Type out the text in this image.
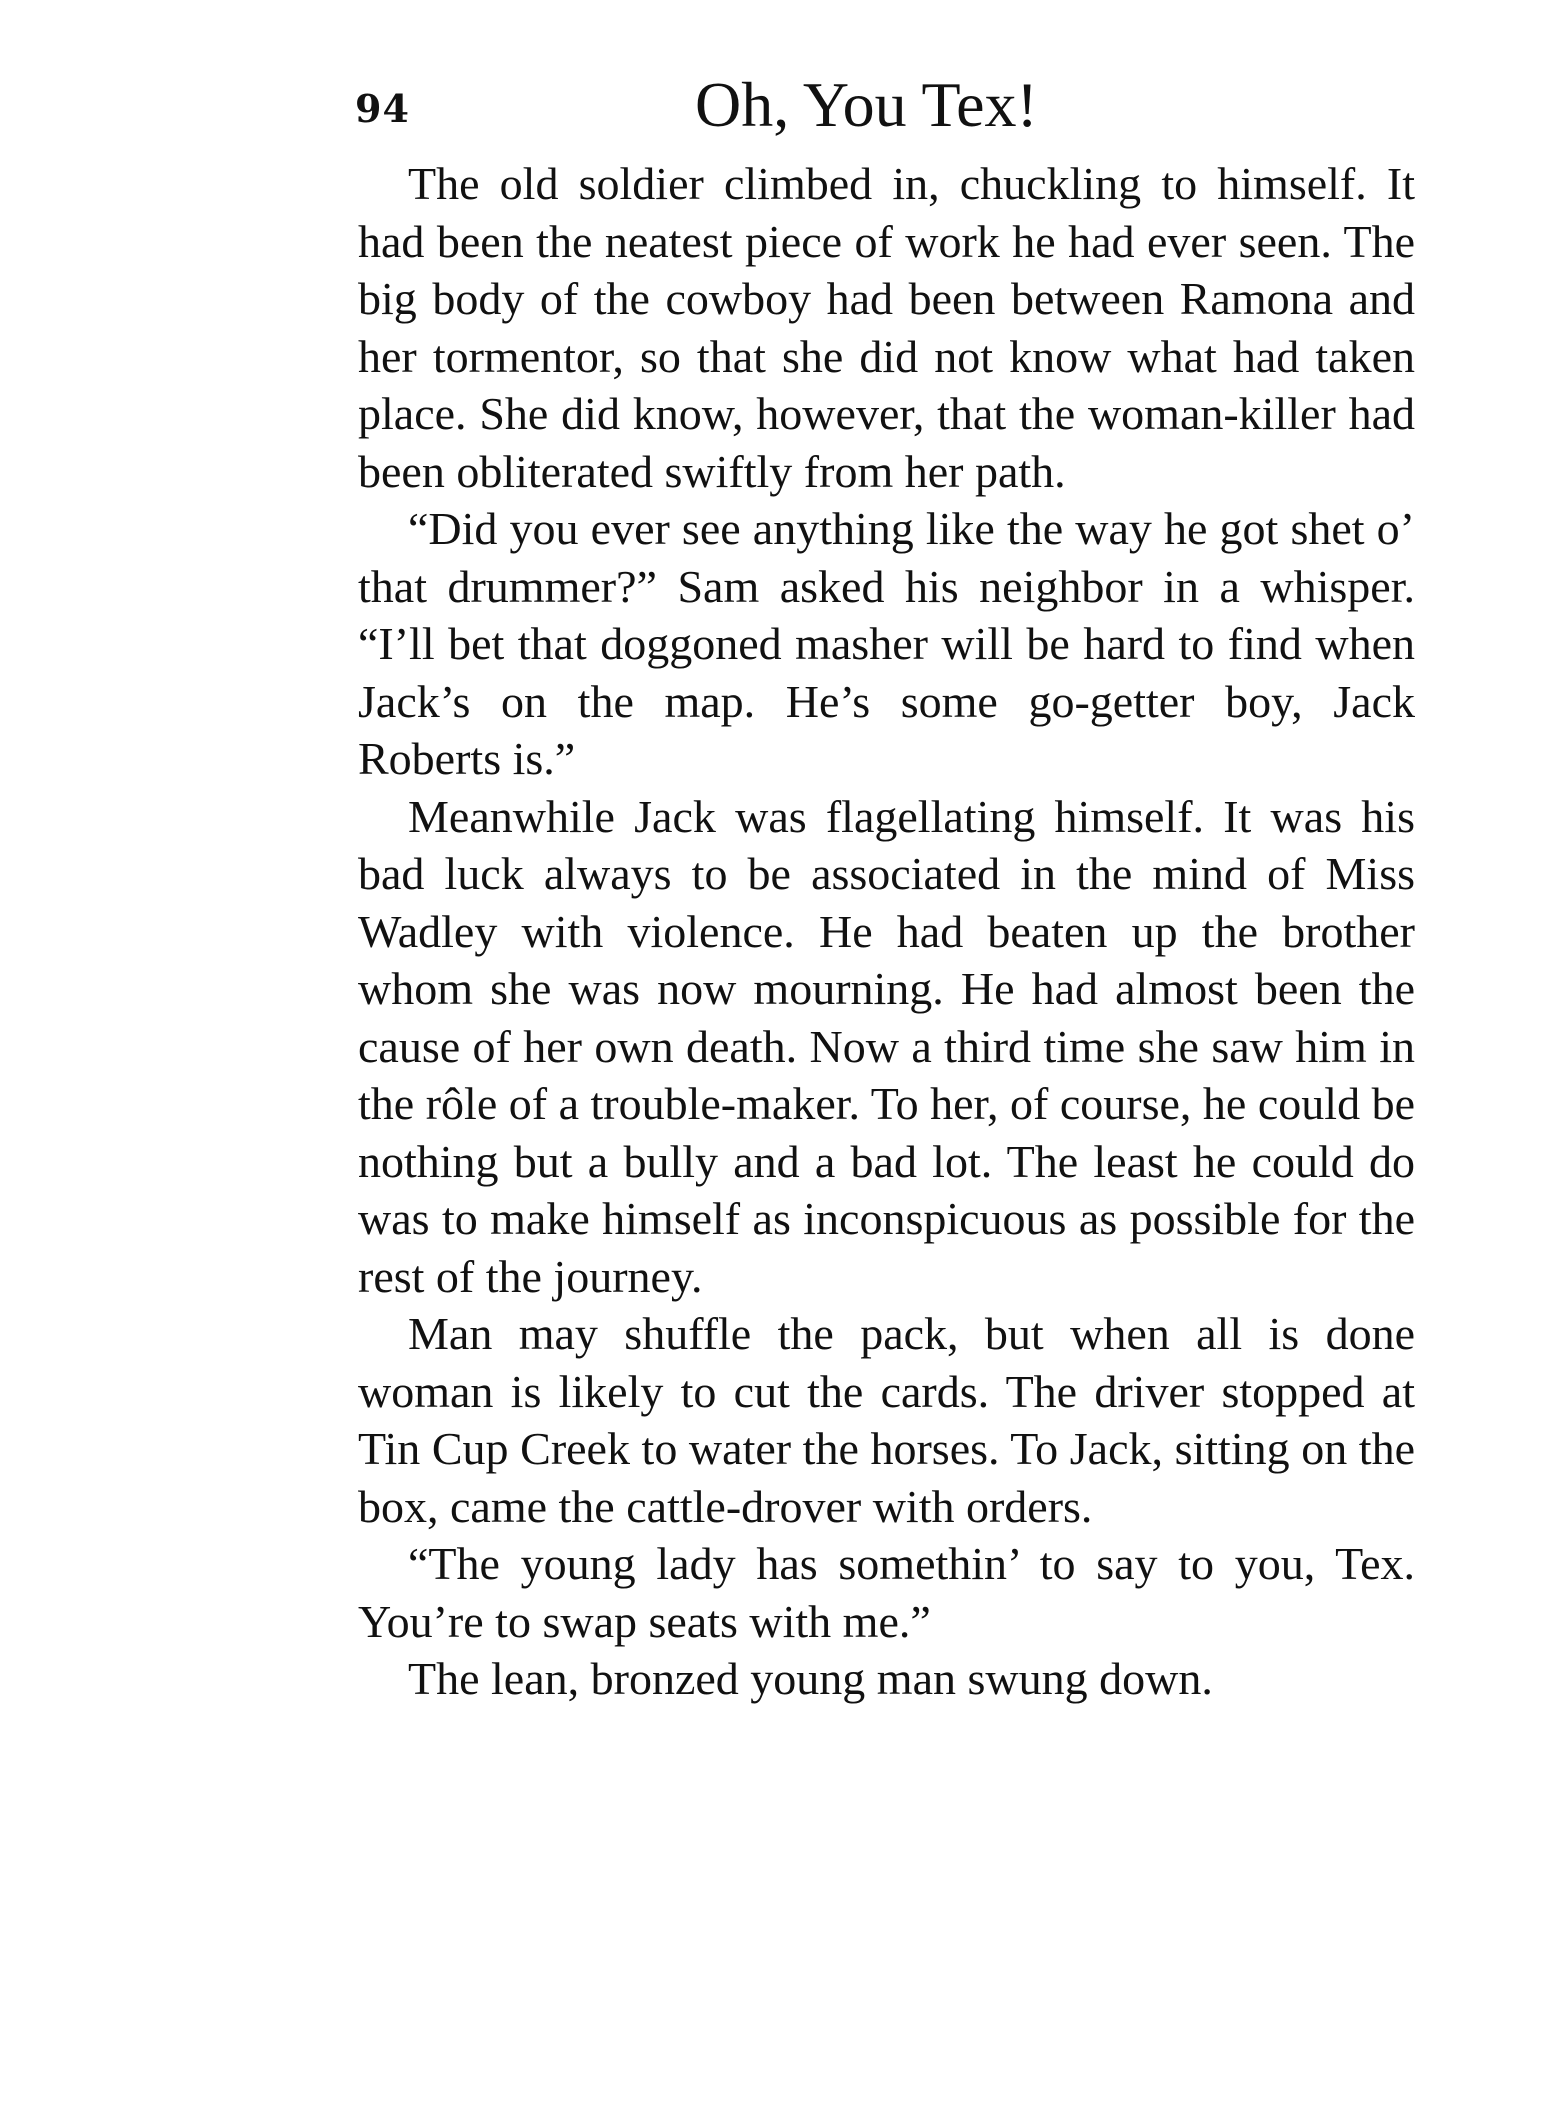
94	Oh, You Tex!

The old soldier climbed in, chuckling to himself. It had been the neatest piece of work he had ever seen. The big body of the cowboy had been between Ramona and her tormentor, so that she did not know what had taken place. She did know, however, that the woman-killer had been obliterated swiftly from her path.

“Did you ever see anything like the way he got shet o’ that drummer?” Sam asked his neighbor in a whisper. “I’ll bet that doggoned masher will be hard to find when Jack’s on the map. He’s some go-getter boy, Jack Roberts is.”

Meanwhile Jack was flagellating himself. It was his bad luck always to be associated in the mind of Miss Wadley with violence. He had beaten up the brother whom she was now mourning. He had almost been the cause of her own death. Now a third time she saw him in the rôle of a trouble-maker. To her, of course, he could be nothing but a bully and a bad lot. The least he could do was to make himself as inconspicuous as possible for the rest of the journey.

Man may shuffle the pack, but when all is done woman is likely to cut the cards. The driver stopped at Tin Cup Creek to water the horses. To Jack, sitting on the box, came the cattle-drover with orders.

“The young lady has somethin’ to say to you, Tex. You’re to swap seats with me.”

The lean, bronzed young man swung down.
